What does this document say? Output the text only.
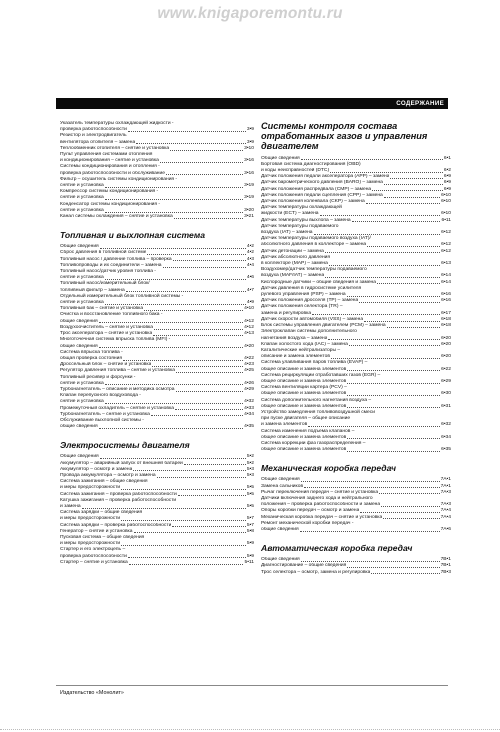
www.knigaporemontu.ru
СОДЕРЖАНИЕ
Указатель температуры охлаждающей жидкости -
проверка работоспособности	3•9
Резистор и электродвигатель
вентилятора отопителя – замена	3•9
Теплообменник отопителя – снятие и установка	3•10
Пульт управления системами отопления
и кондиционирования – снятие и установка	3•16
Системы кондиционирования и отопления -
проверка работоспособности и обслуживание	3•16
Фильтр – осушитель системы кондиционирования -
снятие и установка	3•19
Компрессор системы кондиционирования -
снятие и установка	3•19
Конденсатор системы кондиционирования -
снятие и установка	3•20
Канал системы охлаждения – снятие и установка	3•21
Топливная и выхлопная система
Общие сведения	4•2
Сброс давления в топливной системе	4•2
Топливный насос / давление топлива – проверка	4•3
Топливопроводы и их соединители – замена	4•4
Топливный насос/датчик уровня топлива -
снятие и установка	4•6
Топливный насос/измерительный блок/
топливный фильтр – замена	4•7
Отдельный измерительный блок топливной системы -
снятие и установка	4•9
Топливный бак – снятие и установка	4•10
Очистка и восстановление топливного бака -
общие сведения	4•12
Воздухоочиститель – снятие и установка	4•12
Трос акселератора – снятие и установка	4•13
Многоточечная система впрыска топлива (MFI) -
общие сведения	4•20
Система впрыска топлива -
общая проверка состояния	4•22
Дроссельный блок – снятие и установка	4•23
Регулятор давления топлива – снятие и установка	4•25
Топливный ресивер и форсунки -
снятие и установка	4•26
Турбонагнетатель – описание и методика осмотра	4•29
Клапан перепускного воздуховода -
снятие и установка	4•32
Промежуточный охладитель – снятие и установка	4•33
Турбонагнетатель – снятие и установка	4•34
Обслуживание выхлопной системы -
общие сведения	4•35
Электросистемы двигателя
Общие сведения	5•2
Аккумулятор – аварийный запуск от внешней батареи	5•2
Аккумулятор – осмотр и замена	5•3
Провода аккумулятора – осмотр и замена	5•3
Система зажигания – общие сведения
и меры предосторожности	5•5
Система зажигания – проверка работоспособности	5•5
Катушка зажигания – проверка работоспособности
и замена	5•5
Система зарядки – общие сведения
и меры предосторожности	5•7
Система зарядки – проверка работоспособности	5•7
Генератор – снятие и установка	5•8
Пусковая система – общие сведения
и меры предосторожности	5•9
Стартер и его электроцепь –
проверка работоспособности	5•9
Стартер – снятие и установка	5•11
Системы контроля состава
отработанных газов и управления
двигателем
Общие сведения	6•1
Бортовая система диагностирования (OBD)
и коды неисправностей (DTC)	6•2
Датчик положения педали акселератора (APP) – замена	6•9
Датчик барометрического давления (BARO) – замена	6•9
Датчик положения распредвала (CMP) – замена	6•9
Датчик положения педали сцепления (CPP) – замена	6•10
Датчик положения коленвала (CKP) – замена	6•10
Датчик температуры охлаждающей
жидкости (ECT) – замена	6•10
Датчик температуры выхлопа – замена	6•11
Датчик температуры подаваемого
воздуха (IAT) – замена	6•12
Датчик температуры подаваемого воздуха (IAT)/
абсолютного давления в коллекторе – замена	6•12
Датчик детонации – замена	6•12
Датчик абсолютного давления
в коллекторе (MAP) – замена	6•13
Воздухомер/датчик температуры подаваемого
воздуха (MAF/IAT) – замена	6•14
Кислородные датчики – общие сведения и замена	6•14
Датчик давления в гидросистеме усилителя
рулевого управления (PSP) – замена	6•16
Датчик положения дросселя (TP) – замена	6•16
Датчик положения селектора (TR) –
замена и регулировка	6•17
Датчик скорости автомобиля (VSS) – замена	6•18
Блок системы управления двигателем (PCM) – замена	6•18
Электроклапан системы дополнительного
нагнетания воздуха – замена	6•20
Клапан холостого хода (IAC) – замена	6•20
Каталитические нейтрализаторы –
описание и замена элементов	6•20
Система улавливания паров топлива (EVAP) –
общее описание и замена элементов	6•22
Система рециркуляции отработавших газов (EGR) –
общее описание и замена элементов	6•29
Система вентиляции картера (PCV) –
общее описание и замена элементов	6•30
Система дополнительного нагнетания воздуха –
общее описание и замена элементов	6•31
Устройство замедления топливовоздушной смеси
при пуске двигателя – общее описание
и замена элементов	6•32
Система изменения подъема клапанов –
общее описание и замена элементов	6•34
Система коррекции фаз газораспределения –
общее описание и замена элементов	6•35
Механическая коробка передач
Общие сведения	7A•1
Замена сальников	7A•1
Рычаг переключения передач – снятие и установка	7A•3
Датчики включения заднего хода и нейтрального
положения – проверка работоспособности и замена	7A•3
Опоры коробки передач – осмотр и замена	7A•4
Механическая коробка передач – снятие и установка	7A•4
Ремонт механической коробки передач -
общие сведения	7A•6
Автоматическая коробка передач
Общие сведения	7B•1
Диагностирование – общие сведения	7B•1
Трос селектора – осмотр, замена и регулировка	7B•3
Издательство «Монолит»
